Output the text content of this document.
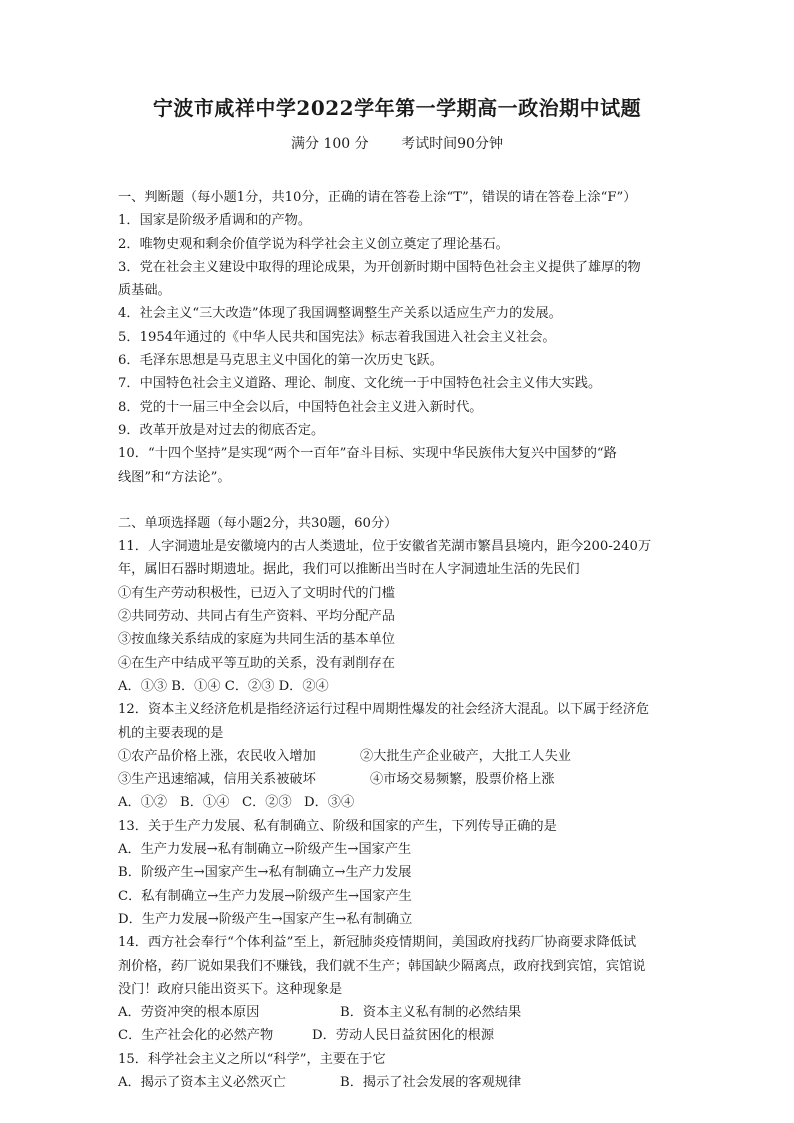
宁波市咸祥中学2022学年第一学期高一政治期中试题
满分 100 分 考试时间90分钟
一、判断题（每小题1分，共10分，正确的请在答卷上涂“T”，错误的请在答卷上涂“F”）
1．国家是阶级矛盾调和的产物。
2．唯物史观和剩余价值学说为科学社会主义创立奠定了理论基石。
3．党在社会主义建设中取得的理论成果，为开创新时期中国特色社会主义提供了雄厚的物
质基础。
4．社会主义“三大改造”体现了我国调整调整生产关系以适应生产力的发展。
5．1954年通过的《中华人民共和国宪法》标志着我国进入社会主义社会。
6．毛泽东思想是马克思主义中国化的第一次历史飞跃。
7．中国特色社会主义道路、理论、制度、文化统一于中国特色社会主义伟大实践。
8．党的十一届三中全会以后，中国特色社会主义进入新时代。
9．改革开放是对过去的彻底否定。
10．“十四个坚持”是实现“两个一百年”奋斗目标、实现中华民族伟大复兴中国梦的“路
线图”和“方法论”。
二、单项选择题（每小题2分，共30题，60分）
11．人字洞遗址是安徽境内的古人类遗址，位于安徽省芜湖市繁昌县境内，距今200-240万
年，属旧石器时期遗址。据此，我们可以推断出当时在人字洞遗址生活的先民们
①有生产劳动积极性，已迈入了文明时代的门槛
②共同劳动、共同占有生产资料、平均分配产品
③按血缘关系结成的家庭为共同生活的基本单位
④在生产中结成平等互助的关系，没有剥削存在
A．①③ B．①④ C．②③ D．②④
12．资本主义经济危机是指经济运行过程中周期性爆发的社会经济大混乱。以下属于经济危
机的主要表现的是
①农产品价格上涨，农民收入增加	②大批生产企业破产，大批工人失业
③生产迅速缩减，信用关系被破坏	④市场交易频繁，股票价格上涨
A．①② B．①④ C．②③ D．③④
13．关于生产力发展、私有制确立、阶级和国家的产生，下列传导正确的是
A．生产力发展→私有制确立→阶级产生→国家产生
B．阶级产生→国家产生→私有制确立→生产力发展
C．私有制确立→生产力发展→阶级产生→国家产生
D．生产力发展→阶级产生→国家产生→私有制确立
14．西方社会奉行“个体利益”至上，新冠肺炎疫情期间，美国政府找药厂协商要求降低试
剂价格，药厂说如果我们不赚钱，我们就不生产；韩国缺少隔离点，政府找到宾馆，宾馆说
没门！政府只能出资买下。这种现象是
A．劳资冲突的根本原因	B．资本主义私有制的必然结果
C．生产社会化的必然产物	D．劳动人民日益贫困化的根源
15．科学社会主义之所以“科学”，主要在于它
A．揭示了资本主义必然灭亡	B．揭示了社会发展的客观规律
